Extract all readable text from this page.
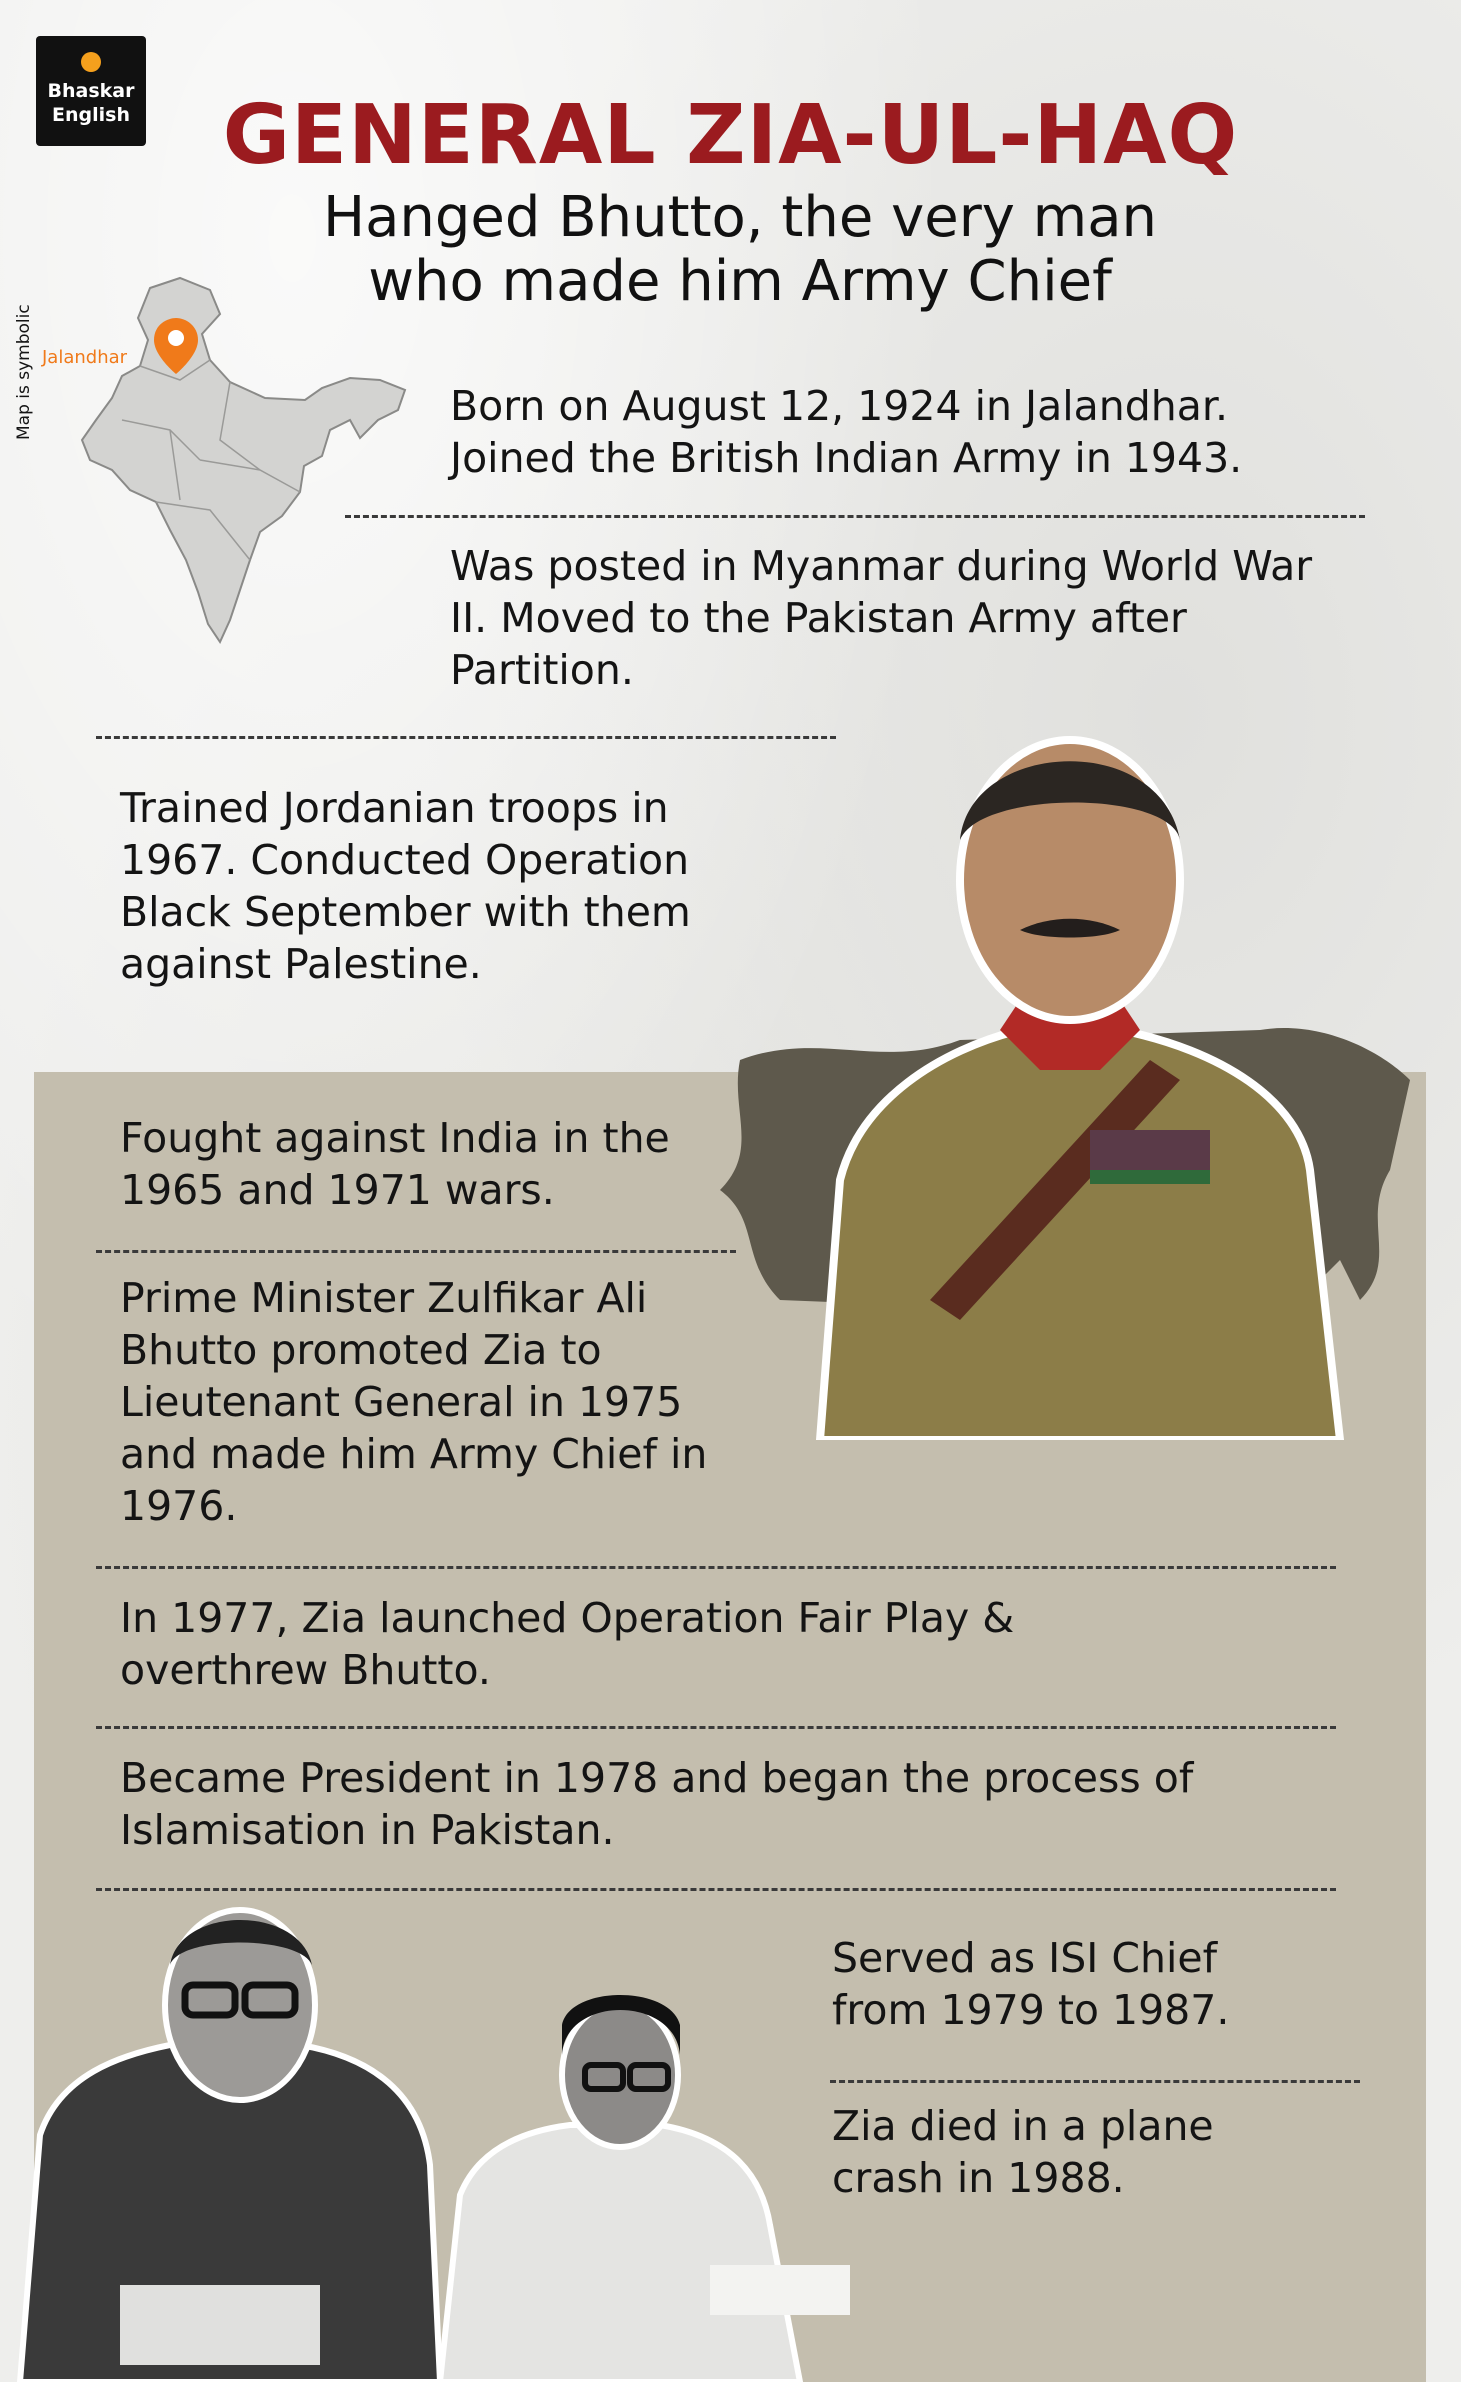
Bhaskar
English	GENERAL ZIA-UL-HAQ
Hanged Bhutto, the very man who made him Army Chief
Jalandhar
Map is symbolic	Born on August 12, 1924 in Jalandhar. Joined the British Indian Army in 1943.
Was posted in Myanmar during World War II. Moved to the Pakistan Army after Partition.
Trained Jordanian troops in 1967. Conducted Operation Black September with them against Palestine.
Fought against India in the 1965 and 1971 wars.
Prime Minister Zulfikar Ali Bhutto promoted Zia to Lieutenant General in 1975 and made him Army Chief in 1976.
In 1977, Zia launched Operation Fair Play & overthrew Bhutto.
Became President in 1978 and began the process of Islamisation in Pakistan.
Served as ISI Chief from 1979 to 1987.
Zia died in a plane crash in 1988.
